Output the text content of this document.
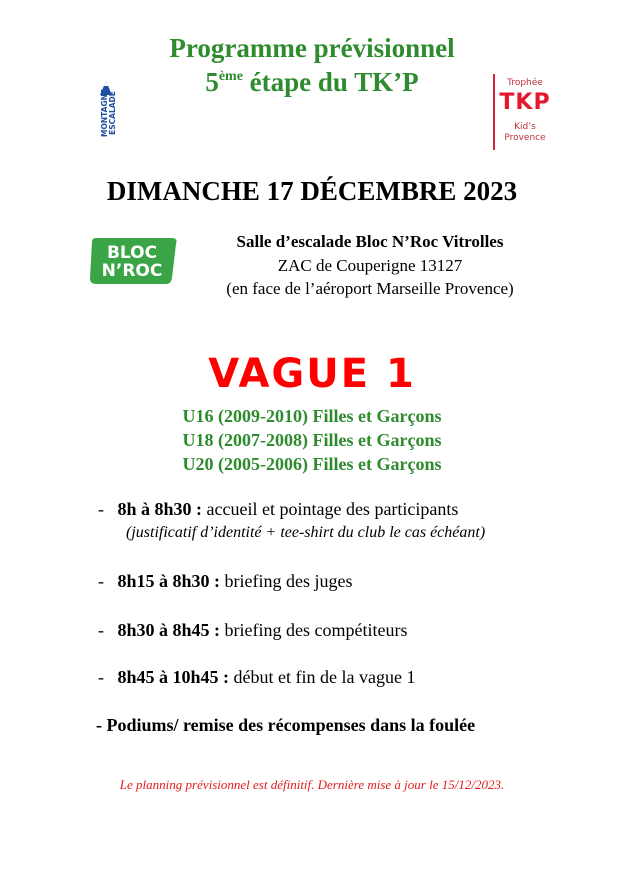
Programme prévisionnel
5ème étape du TK’P
MONTAGNE ESCALADE
Trophée
TKP
Kid’s
Provence
DIMANCHE 17 DÉCEMBRE 2023
BLOC
N’ROC
Salle d’escalade Bloc N’Roc Vitrolles
ZAC de Couperigne 13127
(en face de l’aéroport Marseille Provence)
VAGUE 1
U16 (2009-2010) Filles et Garçons
U18 (2007-2008) Filles et Garçons
U20 (2005-2006) Filles et Garçons
-   8h à 8h30 : accueil et pointage des participants
(justificatif d’identité + tee-shirt du club le cas échéant)
-   8h15 à 8h30 : briefing des juges
-   8h30 à 8h45 : briefing des compétiteurs
-   8h45 à 10h45 : début et fin de la vague 1
- Podiums/ remise des récompenses dans la foulée
Le planning prévisionnel est définitif. Dernière mise à jour le 15/12/2023.
